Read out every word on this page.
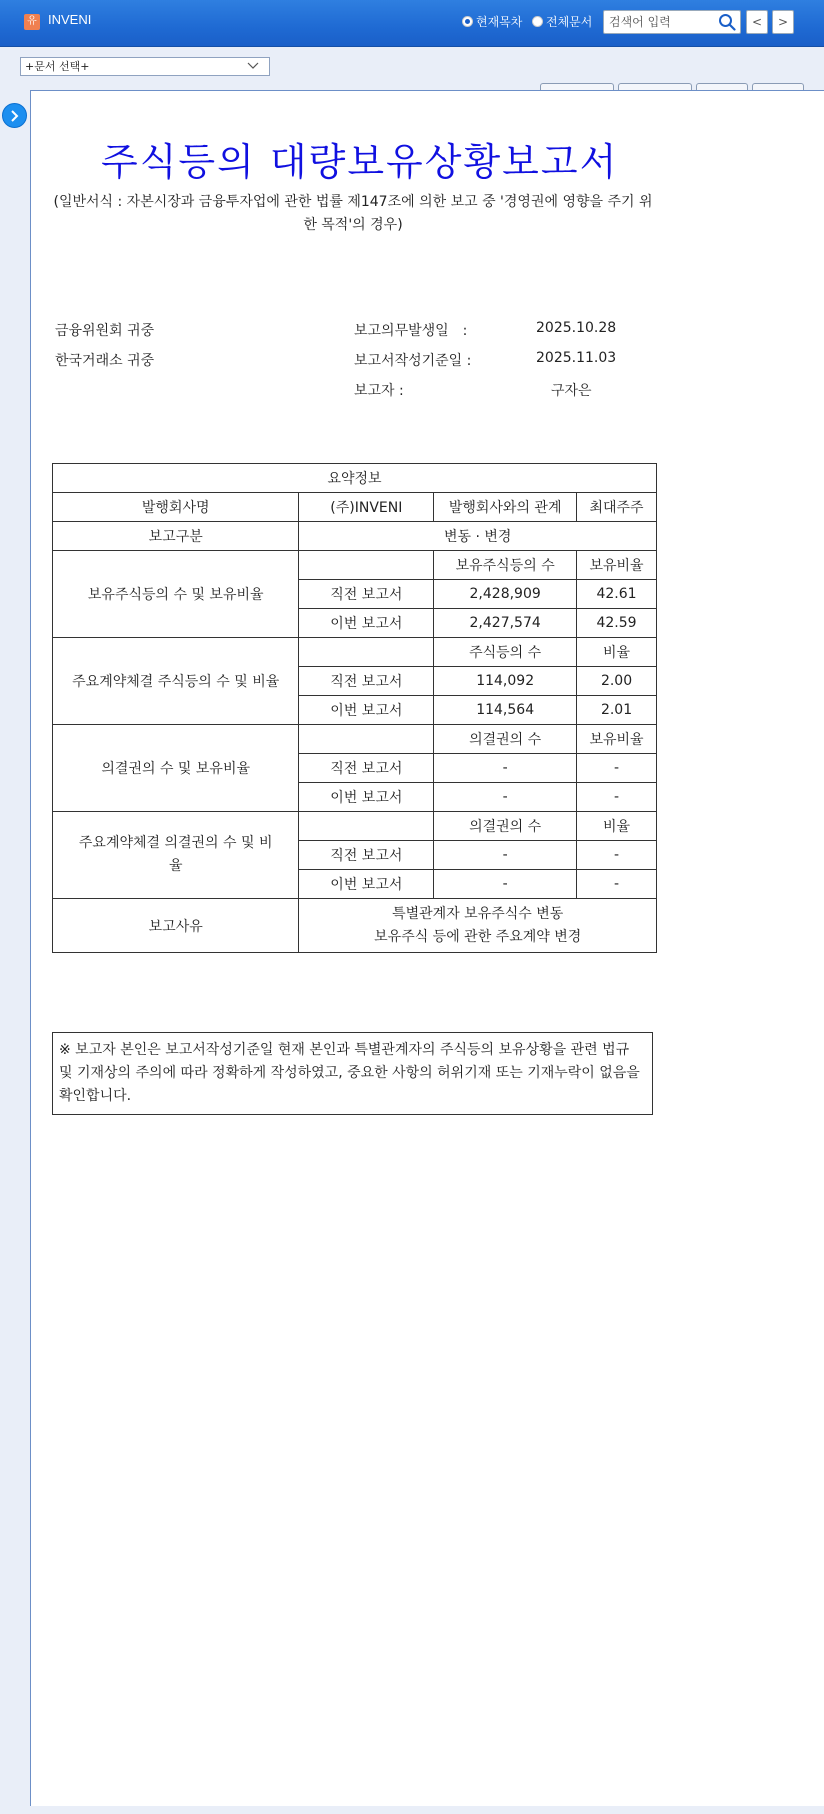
유 INVENI	현재목차 전체문서
검색어 입력	<	>
+문서 선택+
주식등의 대량보유상황보고서
(일반서식 : 자본시장과 금융투자업에 관한 법률 제147조에 의한 보고 중 '경영권에 영향을 주기 위한 목적'의 경우)
금융위원회 귀중
한국거래소 귀중
보고의무발생일　:	2025.10.28
보고서작성기준일 :	2025.11.03
보고자 :	구자은
요약정보			
발행회사명	(주)INVENI	발행회사와의 관계	최대주주
보고구분	변동 · 변경		
보유주식등의 수 및 보유비율		보유주식등의 수	보유비율
	직전 보고서	2,428,909	42.61
	이번 보고서	2,427,574	42.59
주요계약체결 주식등의 수 및 비율		주식등의 수	비율
	직전 보고서	114,092	2.00
	이번 보고서	114,564	2.01
의결권의 수 및 보유비율		의결권의 수	보유비율
	직전 보고서	-	-
	이번 보고서	-	-
주요계약체결 의결권의 수 및 비율		의결권의 수	비율
	직전 보고서	-	-
	이번 보고서	-	-
보고사유	특별관계자 보유주식수 변동
보유주식 등에 관한 주요계약 변경		
※ 보고자 본인은 보고서작성기준일 현재 본인과 특별관계자의 주식등의 보유상황을 관련 법규 및 기재상의 주의에 따라 정확하게 작성하였고, 중요한 사항의 허위기재 또는 기재누락이 없음을 확인합니다.
